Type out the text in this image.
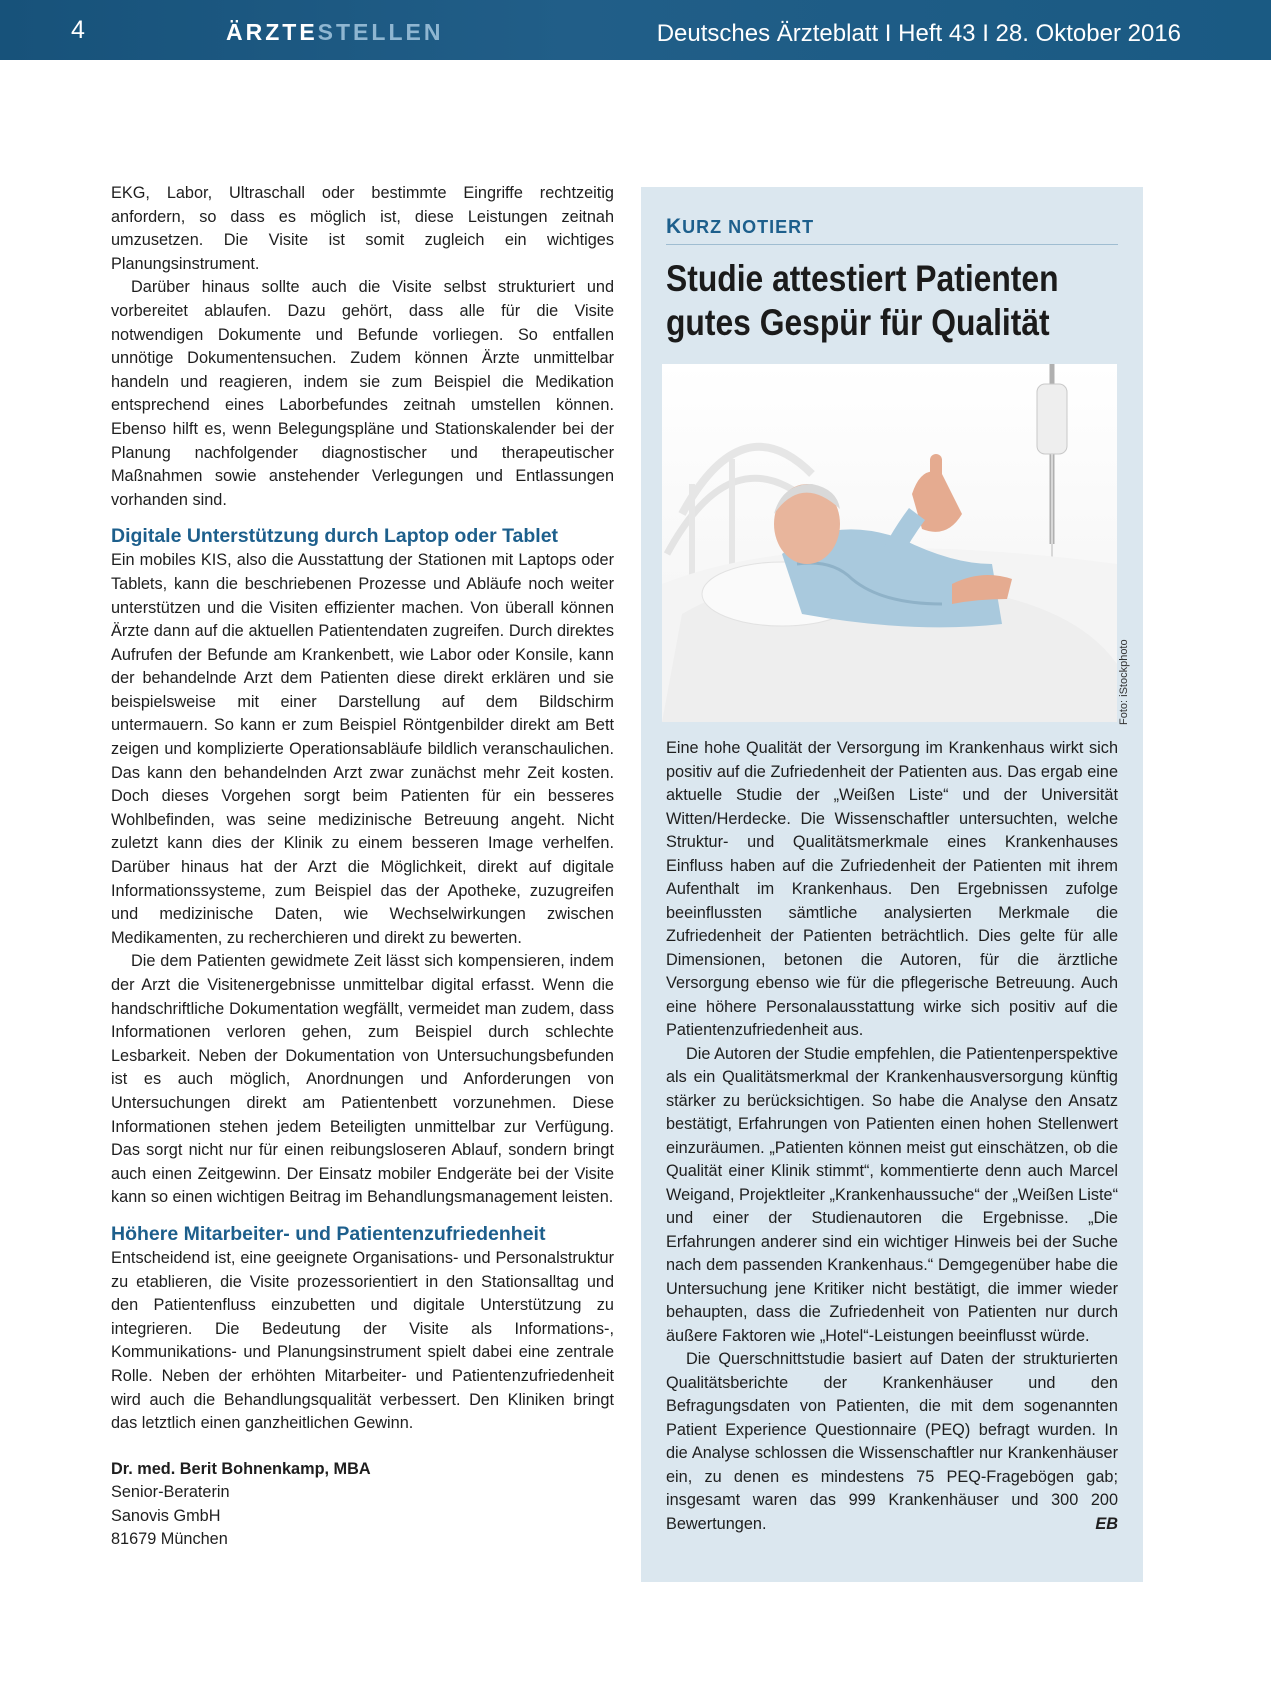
4	ÄRZTESTELLEN	Deutsches Ärzteblatt I Heft 43 I 28. Oktober 2016

EKG, Labor, Ultraschall oder bestimmte Eingriffe rechtzeitig anfordern, so dass es möglich ist, diese Leistungen zeitnah umzusetzen. Die Visite ist somit zugleich ein wichtiges Planungsinstrument.

Darüber hinaus sollte auch die Visite selbst strukturiert und vorbereitet ablaufen. Dazu gehört, dass alle für die Visite notwendigen Dokumente und Befunde vorliegen. So entfallen unnötige Dokumentensuchen. Zudem können Ärzte unmittelbar handeln und reagieren, indem sie zum Beispiel die Medikation entsprechend eines Laborbefundes zeitnah umstellen können. Ebenso hilft es, wenn Belegungspläne und Stationskalender bei der Planung nachfolgender diagnostischer und therapeutischer Maßnahmen sowie anstehender Verlegungen und Entlassungen vorhanden sind.

Digitale Unterstützung durch Laptop oder Tablet

Ein mobiles KIS, also die Ausstattung der Stationen mit Laptops oder Tablets, kann die beschriebenen Prozesse und Abläufe noch weiter unterstützen und die Visiten effizienter machen. Von überall können Ärzte dann auf die aktuellen Patientendaten zugreifen. Durch direktes Aufrufen der Befunde am Krankenbett, wie Labor oder Konsile, kann der behandelnde Arzt dem Patienten diese direkt erklären und sie beispielsweise mit einer Darstellung auf dem Bildschirm untermauern. So kann er zum Beispiel Röntgenbilder direkt am Bett zeigen und komplizierte Operationsabläufe bildlich veranschaulichen. Das kann den behandelnden Arzt zwar zunächst mehr Zeit kosten. Doch dieses Vorgehen sorgt beim Patienten für ein besseres Wohlbefinden, was seine medizinische Betreuung angeht. Nicht zuletzt kann dies der Klinik zu einem besseren Image verhelfen. Darüber hinaus hat der Arzt die Möglichkeit, direkt auf digitale Informationssysteme, zum Beispiel das der Apotheke, zuzugreifen und medizinische Daten, wie Wechselwirkungen zwischen Medikamenten, zu recherchieren und direkt zu bewerten.

Die dem Patienten gewidmete Zeit lässt sich kompensieren, indem der Arzt die Visitenergebnisse unmittelbar digital erfasst. Wenn die handschriftliche Dokumentation wegfällt, vermeidet man zudem, dass Informationen verloren gehen, zum Beispiel durch schlechte Lesbarkeit. Neben der Dokumentation von Untersuchungsbefunden ist es auch möglich, Anordnungen und Anforderungen von Untersuchungen direkt am Patientenbett vorzunehmen. Diese Informationen stehen jedem Beteiligten unmittelbar zur Verfügung. Das sorgt nicht nur für einen reibungsloseren Ablauf, sondern bringt auch einen Zeitgewinn. Der Einsatz mobiler Endgeräte bei der Visite kann so einen wichtigen Beitrag im Behandlungsmanagement leisten.

Höhere Mitarbeiter- und Patientenzufriedenheit

Entscheidend ist, eine geeignete Organisations- und Personalstruktur zu etablieren, die Visite prozessorientiert in den Stationsalltag und den Patientenfluss einzubetten und digitale Unterstützung zu integrieren. Die Bedeutung der Visite als Informations-, Kommunikations- und Planungsinstrument spielt dabei eine zentrale Rolle. Neben der erhöhten Mitarbeiter- und Patientenzufriedenheit wird auch die Behandlungsqualität verbessert. Den Kliniken bringt das letztlich einen ganzheitlichen Gewinn.

Dr. med. Berit Bohnenkamp, MBA
Senior-Beraterin
Sanovis GmbH
81679 München
KURZ NOTIERT
Studie attestiert Patienten
gutes Gespür für Qualität
Foto: iStockphoto

Eine hohe Qualität der Versorgung im Krankenhaus wirkt sich positiv auf die Zufriedenheit der Patienten aus. Das ergab eine aktuelle Studie der „Weißen Liste“ und der Universität Witten/Herdecke. Die Wissenschaftler untersuchten, welche Struktur- und Qualitätsmerkmale eines Krankenhauses Einfluss haben auf die Zufriedenheit der Patienten mit ihrem Aufenthalt im Krankenhaus. Den Ergebnissen zufolge beeinflussten sämtliche analysierten Merkmale die Zufriedenheit der Patienten beträchtlich. Dies gelte für alle Dimensionen, betonen die Autoren, für die ärztliche Versorgung ebenso wie für die pflegerische Betreuung. Auch eine höhere Personalausstattung wirke sich positiv auf die Patientenzufriedenheit aus.

Die Autoren der Studie empfehlen, die Patientenperspektive als ein Qualitätsmerkmal der Krankenhausversorgung künftig stärker zu berücksichtigen. So habe die Analyse den Ansatz bestätigt, Erfahrungen von Patienten einen hohen Stellenwert einzuräumen. „Patienten können meist gut einschätzen, ob die Qualität einer Klinik stimmt“, kommentierte denn auch Marcel Weigand, Projektleiter „Krankenhaussuche“ der „Weißen Liste“ und einer der Studienautoren die Ergebnisse. „Die Erfahrungen anderer sind ein wichtiger Hinweis bei der Suche nach dem passenden Krankenhaus.“ Demgegenüber habe die Untersuchung jene Kritiker nicht bestätigt, die immer wieder behaupten, dass die Zufriedenheit von Patienten nur durch äußere Faktoren wie „Hotel“-Leistungen beeinflusst würde.

Die Querschnittstudie basiert auf Daten der strukturierten Qualitätsberichte der Krankenhäuser und den Befragungsdaten von Patienten, die mit dem sogenannten Patient Experience Questionnaire (PEQ) befragt wurden. In die Analyse schlossen die Wissenschaftler nur Krankenhäuser ein, zu denen es mindestens 75 PEQ-Fragebögen gab; insgesamt waren das 999 Krankenhäuser und 300 200 Bewertungen.	EB
